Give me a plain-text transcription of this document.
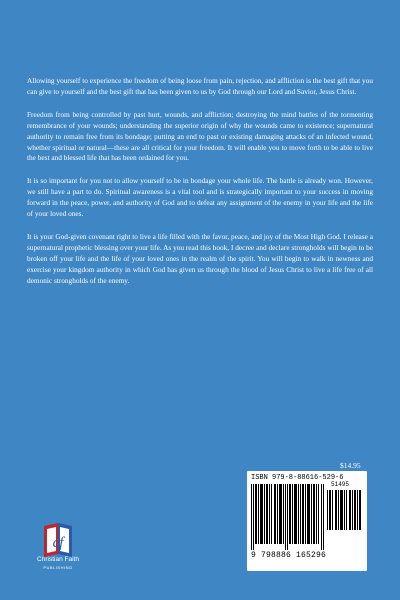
Allowing yourself to experience the freedom of being loose from pain, rejection, and affliction is the best gift that you can give to yourself and the best gift that has been given to us by God through our Lord and Savior, Jesus Christ.

Freedom from being controlled by past hurt, wounds, and affliction; destroying the mind battles of the tormenting remembrance of your wounds; understanding the superior origin of why the wounds came to existence; supernatural authority to remain free from its bondage; putting an end to past or existing damaging attacks of an infected wound, whether spiritual or natural—these are all critical for your freedom. It will enable you to move forth to be able to live the best and blessed life that has been ordained for you.

It is so important for you not to allow yourself to be in bondage your whole life. The battle is already won. However, we still have a part to do. Spiritual awareness is a vital tool and is strategically important to your success in moving forward in the peace, power, and authority of God and to defeat any assignment of the enemy in your life and the life of your loved ones.

It is your God-given covenant right to live a life filled with the favor, peace, and joy of the Most High God. I release a supernatural prophetic blessing over your life. As you read this book, I decree and declare strongholds will begin to be broken off your life and the life of your loved ones in the realm of the spirit. You will begin to walk in newness and exercise your kingdom authority in which God has given us through the blood of Jesus Christ to live a life free of all demonic strongholds of the enemy.

$14.95
ISBN 979-8-88616-529-6
51495
9 798886 165296
cf
Christian Faith
PUBLISHING
